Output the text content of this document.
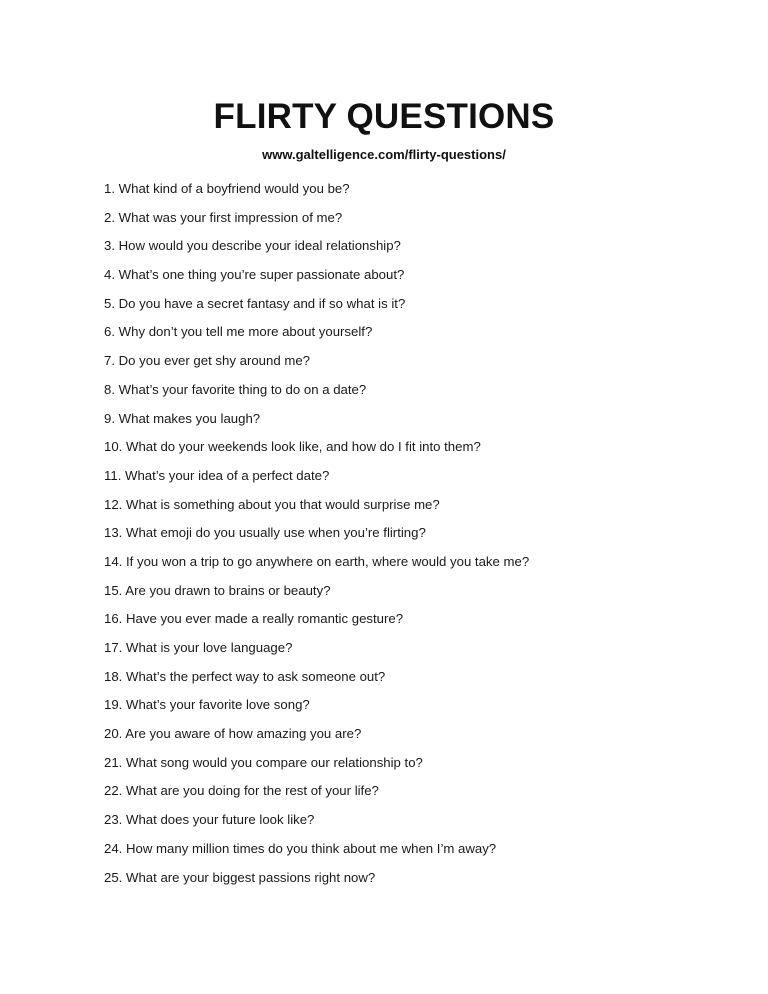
FLIRTY QUESTIONS
www.galtelligence.com/flirty-questions/
1. What kind of a boyfriend would you be?
2. What was your first impression of me?
3. How would you describe your ideal relationship?
4. What’s one thing you’re super passionate about?
5. Do you have a secret fantasy and if so what is it?
6. Why don’t you tell me more about yourself?
7. Do you ever get shy around me?
8. What’s your favorite thing to do on a date?
9. What makes you laugh?
10. What do your weekends look like, and how do I fit into them?
11. What’s your idea of a perfect date?
12. What is something about you that would surprise me?
13. What emoji do you usually use when you’re flirting?
14. If you won a trip to go anywhere on earth, where would you take me?
15. Are you drawn to brains or beauty?
16. Have you ever made a really romantic gesture?
17. What is your love language?
18. What’s the perfect way to ask someone out?
19. What’s your favorite love song?
20. Are you aware of how amazing you are?
21. What song would you compare our relationship to?
22. What are you doing for the rest of your life?
23. What does your future look like?
24. How many million times do you think about me when I’m away?
25. What are your biggest passions right now?
